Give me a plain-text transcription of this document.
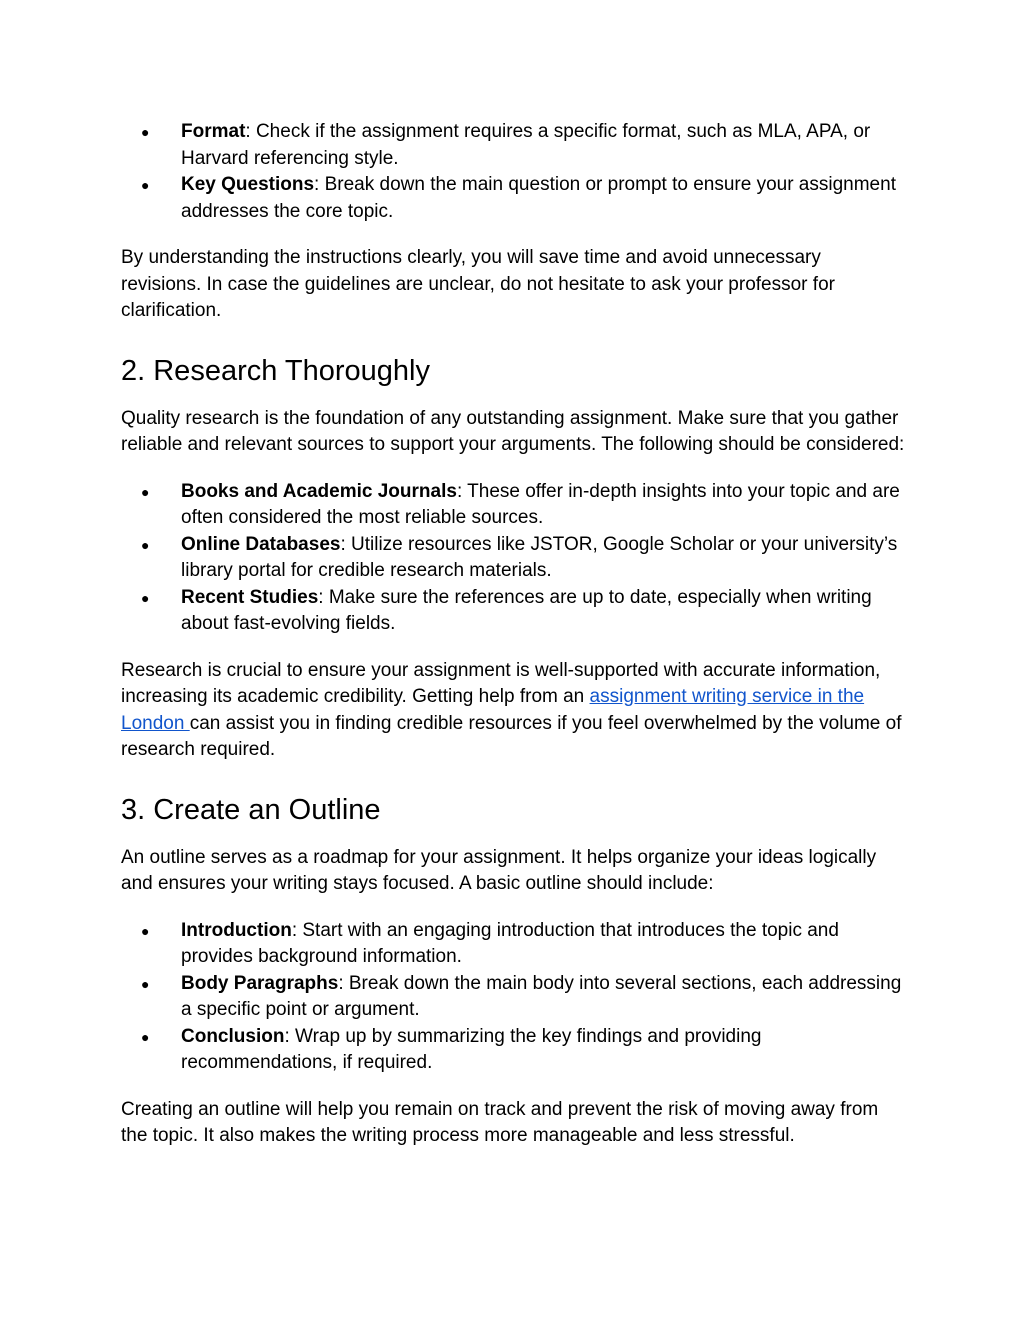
● Format: Check if the assignment requires a specific format, such as MLA, APA, or Harvard referencing style.
● Key Questions: Break down the main question or prompt to ensure your assignment addresses the core topic.

By understanding the instructions clearly, you will save time and avoid unnecessary revisions. In case the guidelines are unclear, do not hesitate to ask your professor for clarification.

2. Research Thoroughly

Quality research is the foundation of any outstanding assignment. Make sure that you gather reliable and relevant sources to support your arguments. The following should be considered:

● Books and Academic Journals: These offer in-depth insights into your topic and are often considered the most reliable sources.
● Online Databases: Utilize resources like JSTOR, Google Scholar or your university’s library portal for credible research materials.
● Recent Studies: Make sure the references are up to date, especially when writing about fast-evolving fields.

Research is crucial to ensure your assignment is well-supported with accurate information, increasing its academic credibility. Getting help from an assignment writing service in the London can assist you in finding credible resources if you feel overwhelmed by the volume of research required.

3. Create an Outline

An outline serves as a roadmap for your assignment. It helps organize your ideas logically and ensures your writing stays focused. A basic outline should include:

● Introduction: Start with an engaging introduction that introduces the topic and provides background information.
● Body Paragraphs: Break down the main body into several sections, each addressing a specific point or argument.
● Conclusion: Wrap up by summarizing the key findings and providing recommendations, if required.

Creating an outline will help you remain on track and prevent the risk of moving away from the topic. It also makes the writing process more manageable and less stressful.
